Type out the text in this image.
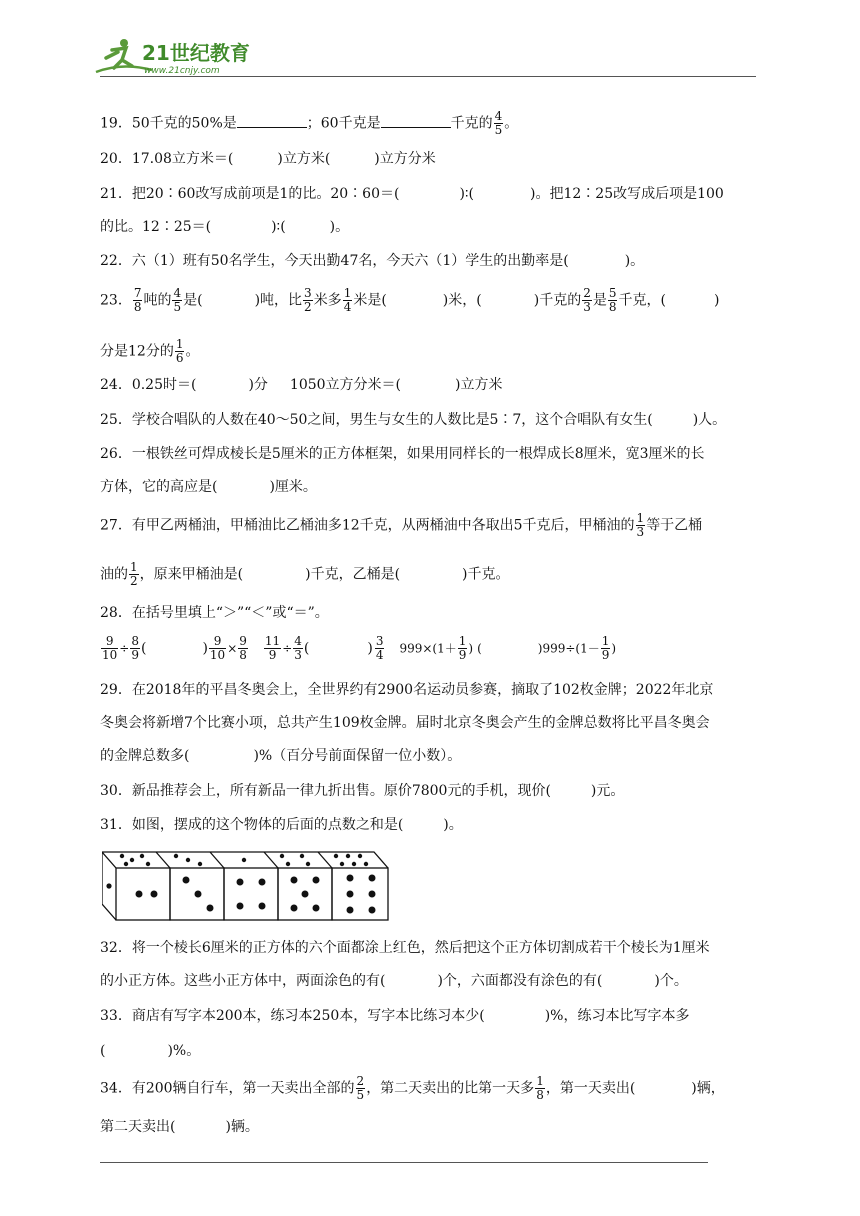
21世纪教育
www.21cnjy.com
19．50千克的50%是	；60千克是	千克的 $\frac{4}{5}$ 。
20．17.08立方米＝(	)立方米(	)立方分米
21．把20∶60改写成前项是1的比。20∶60＝(	)∶(	)。把12∶25改写成后项是100
的比。12∶25＝(	)∶(	)。
22．六（1）班有50名学生，今天出勤47名，今天六（1）学生的出勤率是(	)。
23． $\frac{7}{8}$ 吨的 $\frac{4}{5}$ 是(	)吨，比 $\frac{3}{2}$ 米多 $\frac{1}{4}$ 米是(	)米，(	)千克的 $\frac{2}{3}$ 是 $\frac{5}{8}$ 千克，(	)
分是12分的 $\frac{1}{6}$ 。
24．0.25时＝(	)分 1050立方分米＝(	)立方米
25．学校合唱队的人数在40～50之间，男生与女生的人数比是5∶7，这个合唱队有女生(	)人。
26．一根铁丝可焊成棱长是5厘米的正方体框架，如果用同样长的一根焊成长8厘米，宽3厘米的长
方体，它的高应是(	)厘米。
27．有甲乙两桶油，甲桶油比乙桶油多12千克，从两桶油中各取出5千克后，甲桶油的 $\frac{1}{3}$ 等于乙桶
油的 $\frac{1}{2}$ ，原来甲桶油是(	)千克，乙桶是(	)千克。
28．在括号里填上“＞”“＜”或“＝”。
$\frac{9}{10} \div \frac{8}{9}$ (	) $\frac{9}{10} \times \frac{9}{8} \frac{11}{9} \div \frac{4}{3}$ (	) $\frac{3}{4} 999\times(1+ \frac{1}{9}$ ) (	)$999\div(1- \frac{1}{9}$ )
29．在2018年的平昌冬奥会上，全世界约有2900名运动员参赛，摘取了102枚金牌；2022年北京
冬奥会将新增7个比赛小项，总共产生109枚金牌。届时北京冬奥会产生的金牌总数将比平昌冬奥会
的金牌总数多(	)%（百分号前面保留一位小数）。
30．新品推荐会上，所有新品一律九折出售。原价7800元的手机，现价(	)元。
31．如图，摆成的这个物体的后面的点数之和是(	)。
32．将一个棱长6厘米的正方体的六个面都涂上红色，然后把这个正方体切割成若干个棱长为1厘米
的小正方体。这些小正方体中，两面涂色的有(	)个，六面都没有涂色的有(	)个。
33．商店有写字本200本，练习本250本，写字本比练习本少(	)%，练习本比写字本多
(	)%。
34．有200辆自行车，第一天卖出全部的 $\frac{2}{5}$ ，第二天卖出的比第一天多 $\frac{1}{8}$ ，第一天卖出(	)辆，
第二天卖出(	)辆。
